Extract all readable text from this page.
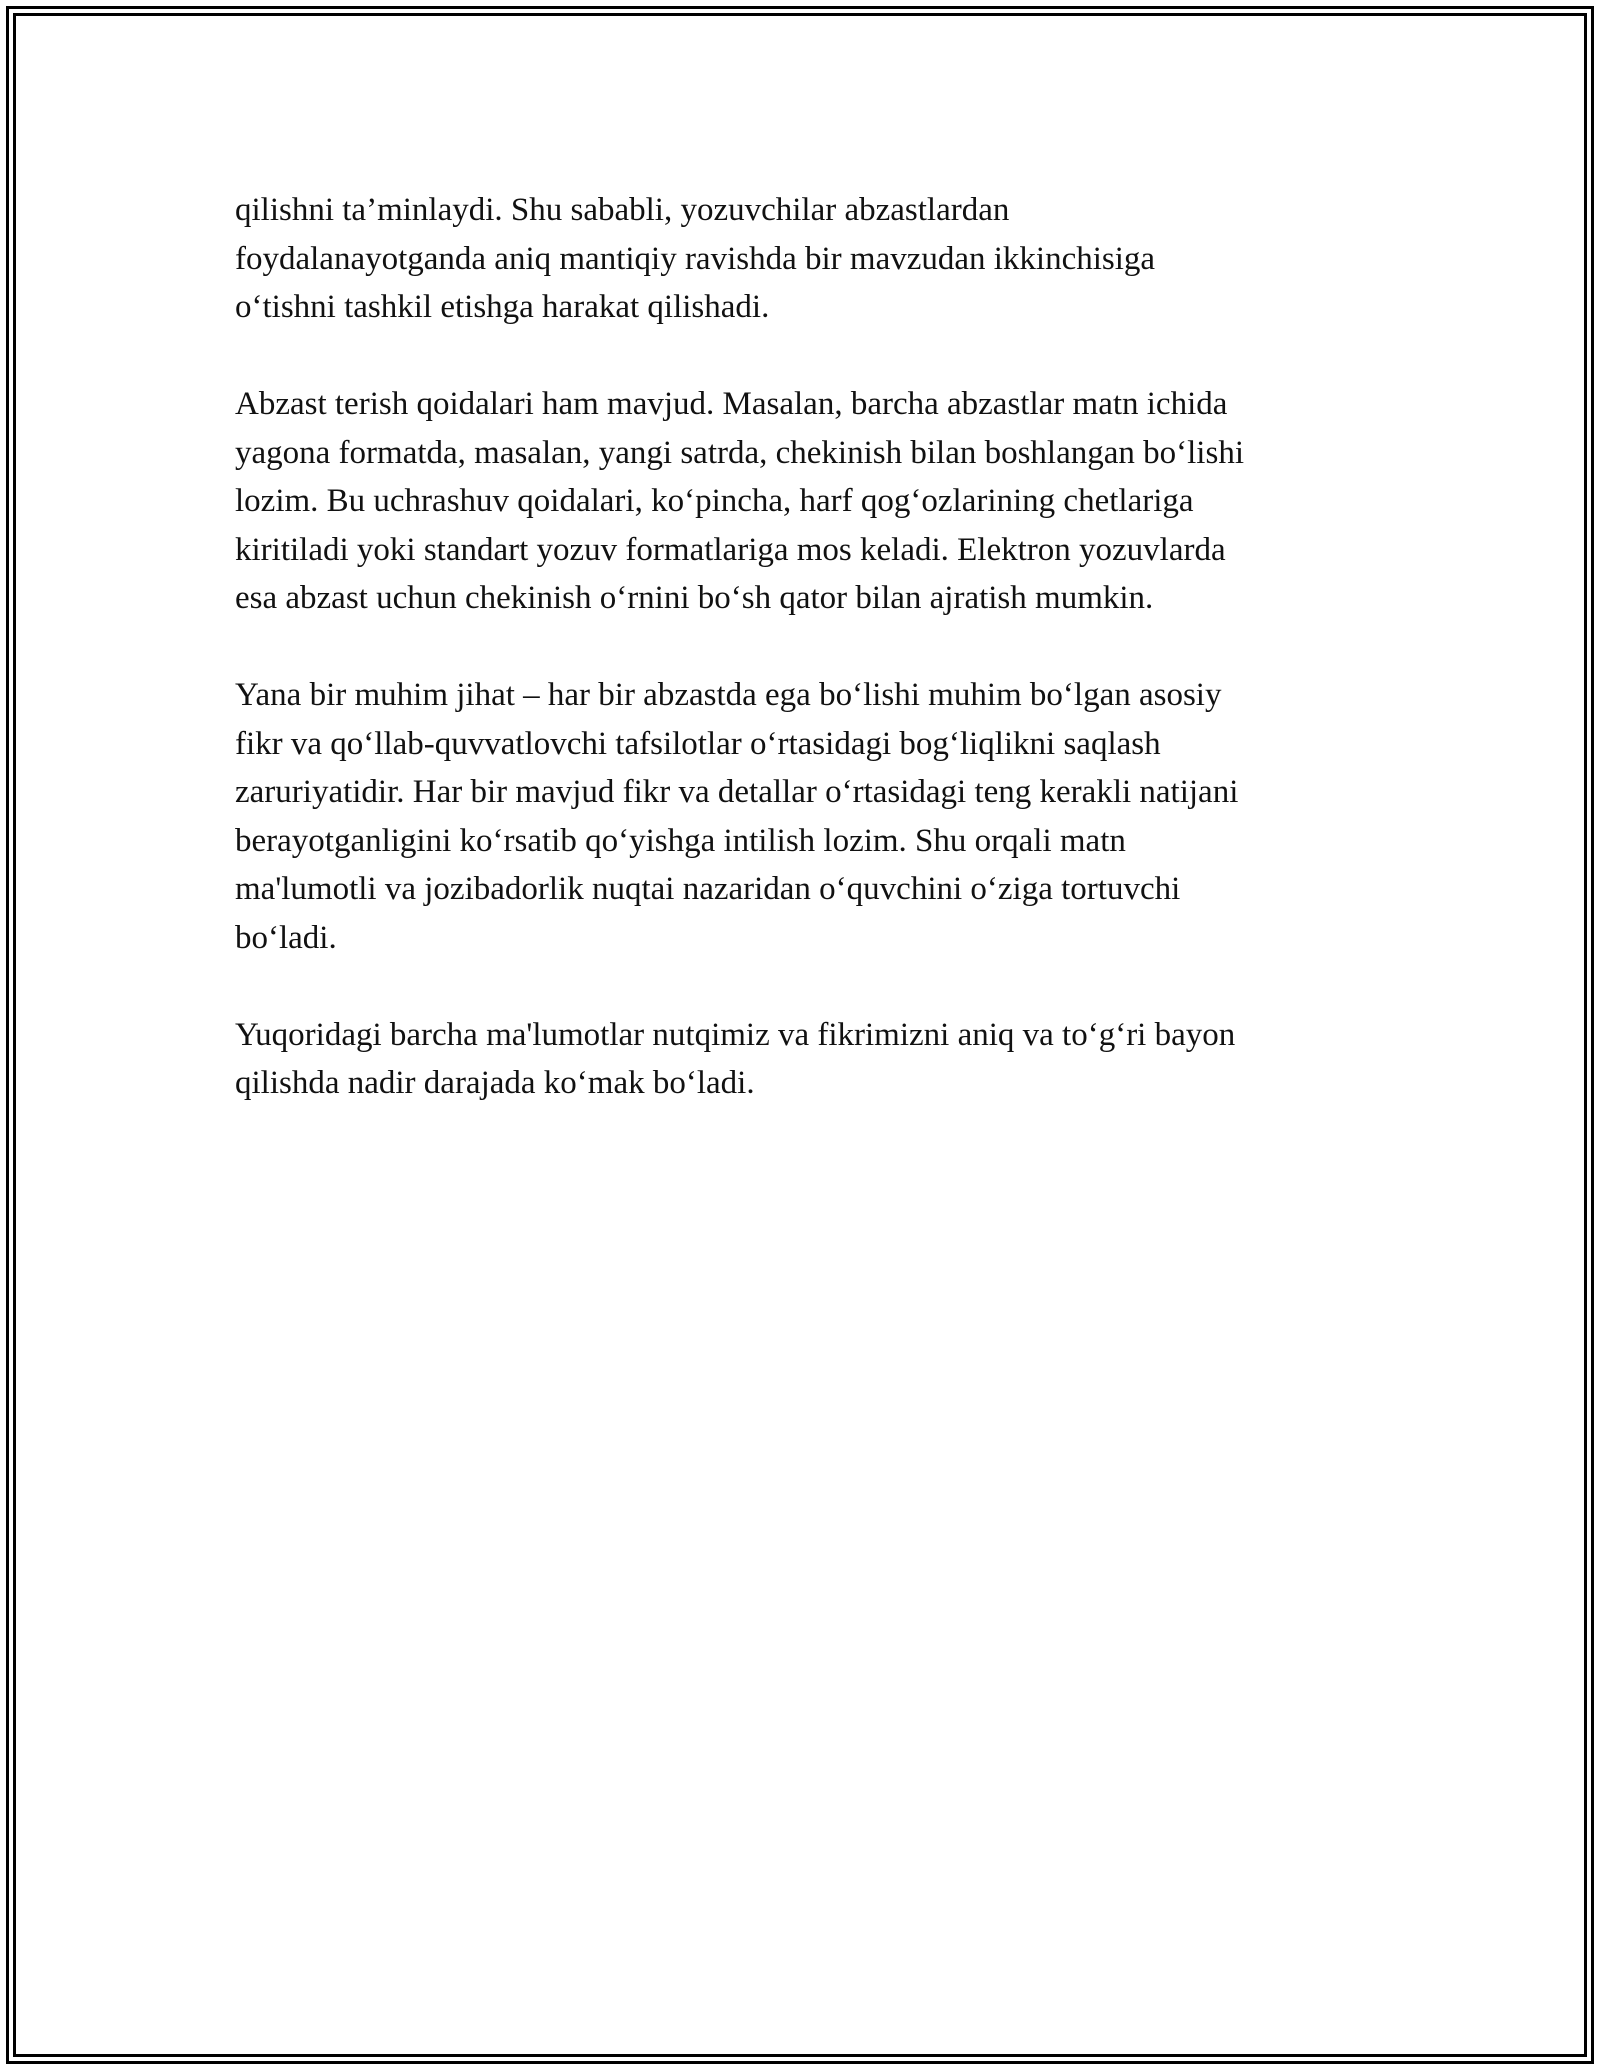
qilishni ta’minlaydi. Shu sababli, yozuvchilar abzastlardan
foydalanayotganda aniq mantiqiy ravishda bir mavzudan ikkinchisiga
o‘tishni tashkil etishga harakat qilishadi.

Abzast terish qoidalari ham mavjud. Masalan, barcha abzastlar matn ichida
yagona formatda, masalan, yangi satrda, chekinish bilan boshlangan bo‘lishi
lozim. Bu uchrashuv qoidalari, ko‘pincha, harf qog‘ozlarining chetlariga
kiritiladi yoki standart yozuv formatlariga mos keladi. Elektron yozuvlarda
esa abzast uchun chekinish o‘rnini bo‘sh qator bilan ajratish mumkin.

Yana bir muhim jihat – har bir abzastda ega bo‘lishi muhim bo‘lgan asosiy
fikr va qo‘llab-quvvatlovchi tafsilotlar o‘rtasidagi bog‘liqlikni saqlash
zaruriyatidir. Har bir mavjud fikr va detallar o‘rtasidagi teng kerakli natijani
berayotganligini ko‘rsatib qo‘yishga intilish lozim. Shu orqali matn
ma'lumotli va jozibadorlik nuqtai nazaridan o‘quvchini o‘ziga tortuvchi
bo‘ladi.

Yuqoridagi barcha ma'lumotlar nutqimiz va fikrimizni aniq va to‘g‘ri bayon
qilishda nadir darajada ko‘mak bo‘ladi.
